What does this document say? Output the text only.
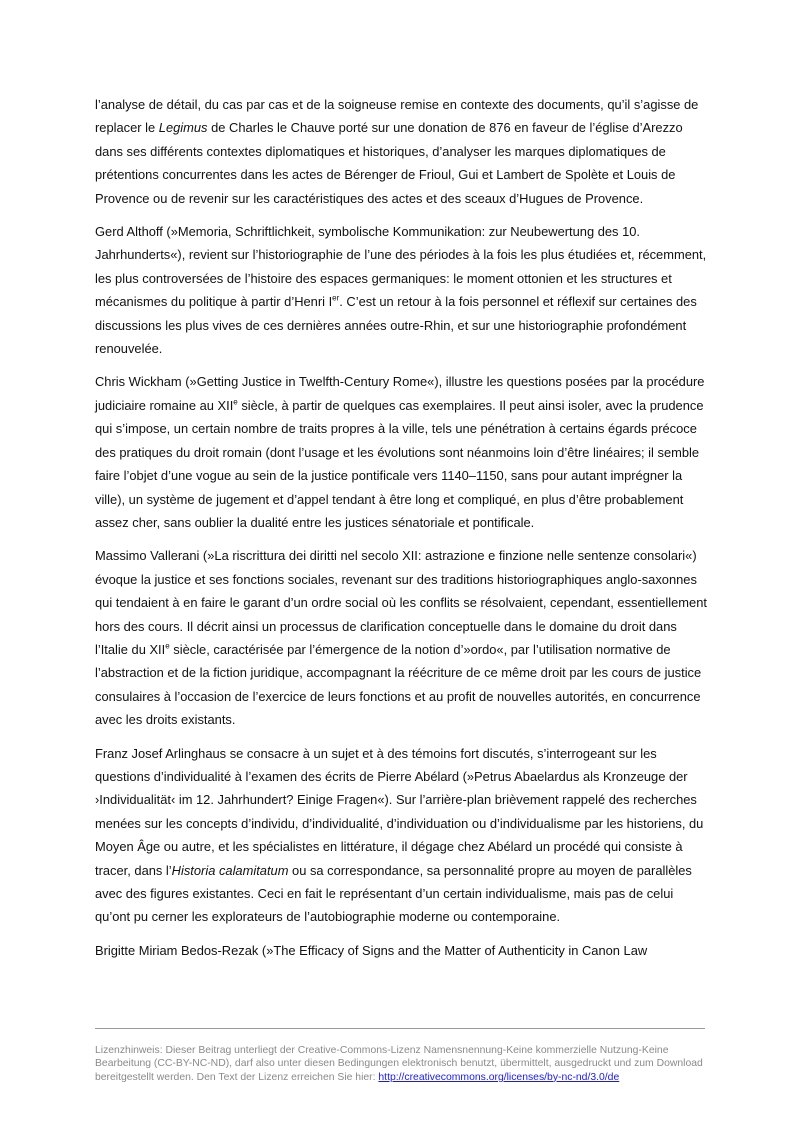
l’analyse de détail, du cas par cas et de la soigneuse remise en contexte des documents, qu’il s’agisse de replacer le Legimus de Charles le Chauve porté sur une donation de 876 en faveur de l’église d’Arezzo dans ses différents contextes diplomatiques et historiques, d’analyser les marques diplomatiques de prétentions concurrentes dans les actes de Bérenger de Frioul, Gui et Lambert de Spolète et Louis de Provence ou de revenir sur les caractéristiques des actes et des sceaux d’Hugues de Provence.

Gerd Althoff (»Memoria, Schriftlichkeit, symbolische Kommunikation: zur Neubewertung des 10. Jahrhunderts«), revient sur l’historiographie de l’une des périodes à la fois les plus étudiées et, récemment, les plus controversées de l’histoire des espaces germaniques: le moment ottonien et les structures et mécanismes du politique à partir d’Henri Ier. C’est un retour à la fois personnel et réflexif sur certaines des discussions les plus vives de ces dernières années outre-Rhin, et sur une historiographie profondément renouvelée.

Chris Wickham (»Getting Justice in Twelfth-Century Rome«), illustre les questions posées par la procédure judiciaire romaine au XIIe siècle, à partir de quelques cas exemplaires. Il peut ainsi isoler, avec la prudence qui s’impose, un certain nombre de traits propres à la ville, tels une pénétration à certains égards précoce des pratiques du droit romain (dont l’usage et les évolutions sont néanmoins loin d’être linéaires; il semble faire l’objet d’une vogue au sein de la justice pontificale vers 1140–1150, sans pour autant imprégner la ville), un système de jugement et d’appel tendant à être long et compliqué, en plus d’être probablement assez cher, sans oublier la dualité entre les justices sénatoriale et pontificale.

Massimo Vallerani (»La riscrittura dei diritti nel secolo XII: astrazione e finzione nelle sentenze consolari«) évoque la justice et ses fonctions sociales, revenant sur des traditions historiographiques anglo-saxonnes qui tendaient à en faire le garant d’un ordre social où les conflits se résolvaient, cependant, essentiellement hors des cours. Il décrit ainsi un processus de clarification conceptuelle dans le domaine du droit dans l’Italie du XIIe siècle, caractérisée par l’émergence de la notion d’»ordo«, par l’utilisation normative de l’abstraction et de la fiction juridique, accompagnant la réécriture de ce même droit par les cours de justice consulaires à l’occasion de l’exercice de leurs fonctions et au profit de nouvelles autorités, en concurrence avec les droits existants.

Franz Josef Arlinghaus se consacre à un sujet et à des témoins fort discutés, s’interrogeant sur les questions d’individualité à l’examen des écrits de Pierre Abélard (»Petrus Abaelardus als Kronzeuge der ›Individualität‹ im 12. Jahrhundert? Einige Fragen«). Sur l’arrière-plan brièvement rappelé des recherches menées sur les concepts d’individu, d’individualité, d’individuation ou d’individualisme par les historiens, du Moyen Âge ou autre, et les spécialistes en littérature, il dégage chez Abélard un procédé qui consiste à tracer, dans l’Historia calamitatum ou sa correspondance, sa personnalité propre au moyen de parallèles avec des figures existantes. Ceci en fait le représentant d’un certain individualisme, mais pas de celui qu’ont pu cerner les explorateurs de l’autobiographie moderne ou contemporaine.

Brigitte Miriam Bedos-Rezak (»The Efficacy of Signs and the Matter of Authenticity in Canon Law

Lizenzhinweis: Dieser Beitrag unterliegt der Creative-Commons-Lizenz Namensnennung-Keine kommerzielle Nutzung-Keine Bearbeitung (CC-BY-NC-ND), darf also unter diesen Bedingungen elektronisch benutzt, übermittelt, ausgedruckt und zum Download bereitgestellt werden. Den Text der Lizenz erreichen Sie hier: http://creativecommons.org/licenses/by-nc-nd/3.0/de
